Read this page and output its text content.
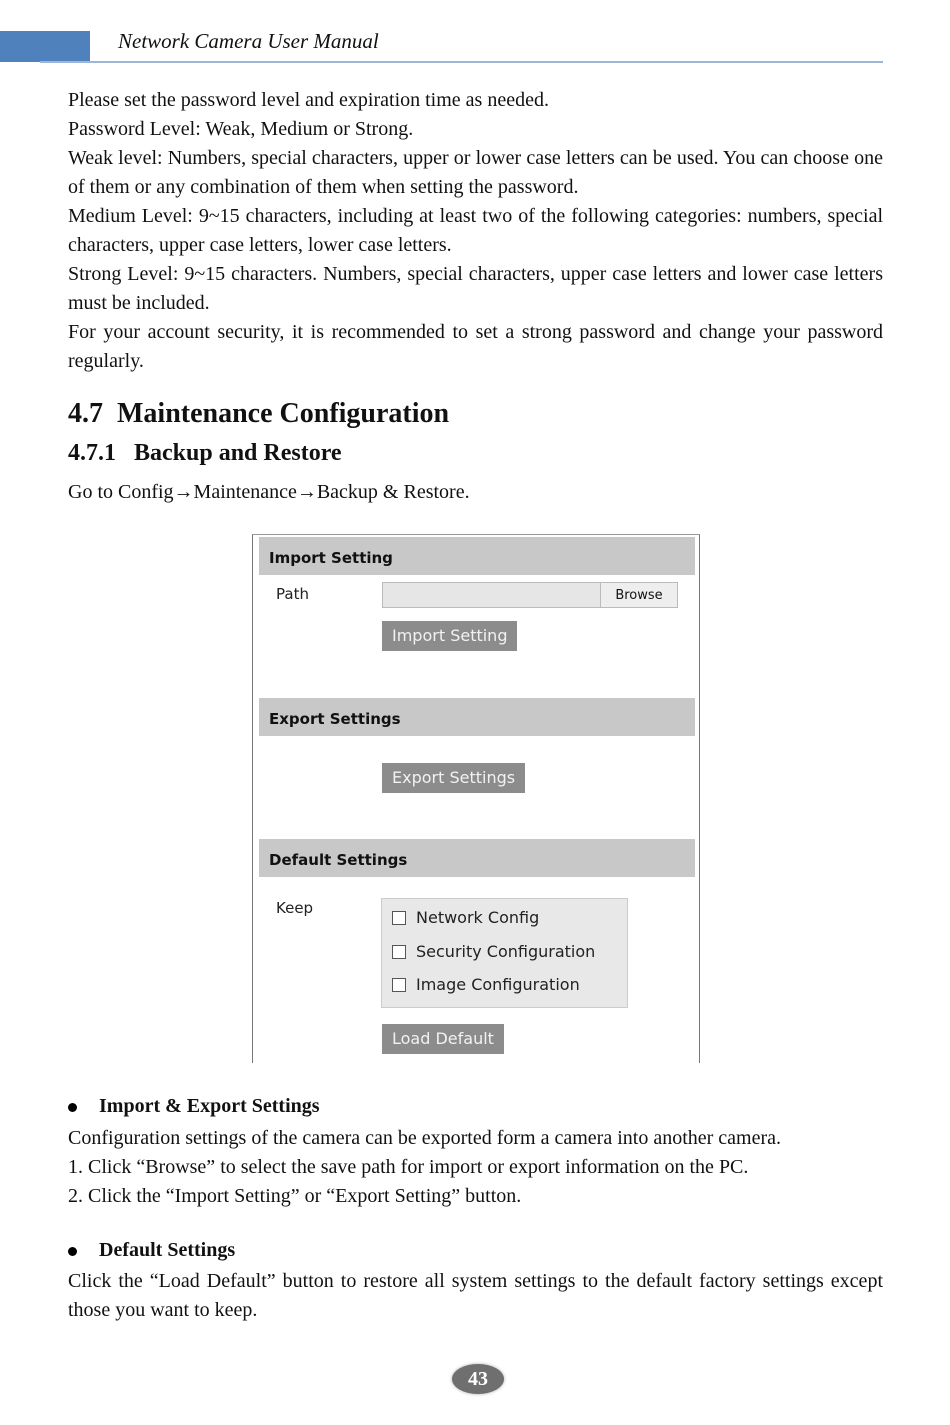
Network Camera User Manual

Please set the password level and expiration time as needed.

Password Level: Weak, Medium or Strong.

Weak level: Numbers, special characters, upper or lower case letters can be used. You can choose one of them or any combination of them when setting the password.

Medium Level: 9~15 characters, including at least two of the following categories: numbers, special characters, upper case letters, lower case letters.

Strong Level: 9~15 characters. Numbers, special characters, upper case letters and lower case letters must be included.

For your account security, it is recommended to set a strong password and change your password regularly.

4.7  Maintenance Configuration
4.7.1   Backup and Restore
Go to Config→Maintenance→Backup & Restore.
Import Setting
Path	Browse
Import Setting
Export Settings
Export Settings
Default Settings
Keep	Network Config
Security Configuration
Image Configuration
Load Default
Import & Export Settings

Configuration settings of the camera can be exported form a camera into another camera.

1. Click “Browse” to select the save path for import or export information on the PC.

2. Click the “Import Setting” or “Export Setting” button.

Default Settings

Click the “Load Default” button to restore all system settings to the default factory settings except those you want to keep.

43
